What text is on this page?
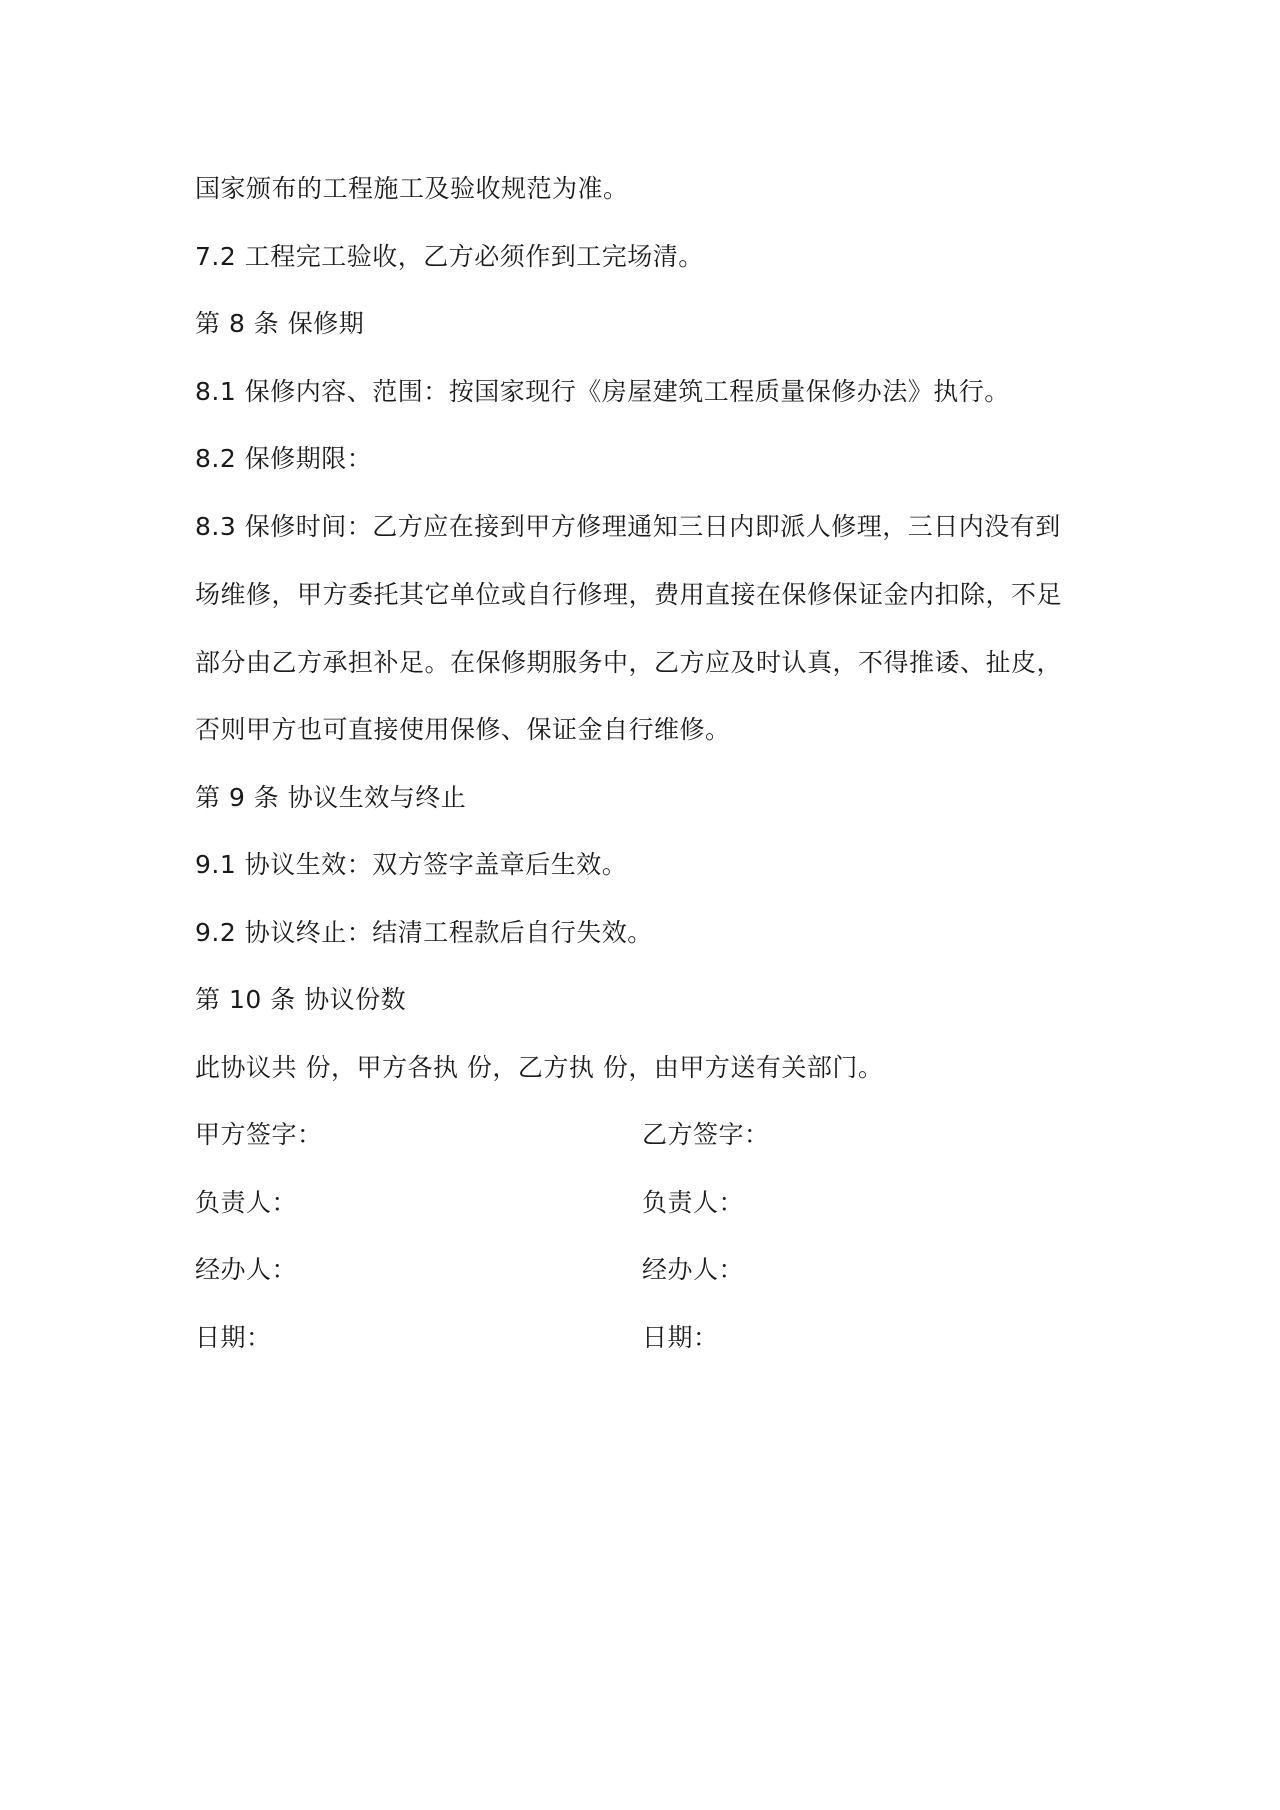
国家颁布的工程施工及验收规范为准。
7.2 工程完工验收，乙方必须作到工完场清。
第 8 条 保修期
8.1 保修内容、范围：按国家现行《房屋建筑工程质量保修办法》执行。
8.2 保修期限：
8.3 保修时间：乙方应在接到甲方修理通知三日内即派人修理，三日内没有到
场维修，甲方委托其它单位或自行修理，费用直接在保修保证金内扣除，不足
部分由乙方承担补足。在保修期服务中，乙方应及时认真，不得推诿、扯皮，
否则甲方也可直接使用保修、保证金自行维修。
第 9 条 协议生效与终止
9.1 协议生效：双方签字盖章后生效。
9.2 协议终止：结清工程款后自行失效。
第 10 条 协议份数
此协议共 份，甲方各执 份，乙方执 份，由甲方送有关部门。
甲方签字：	乙方签字：
负责人：	负责人：
经办人：	经办人：
日期：	日期：
